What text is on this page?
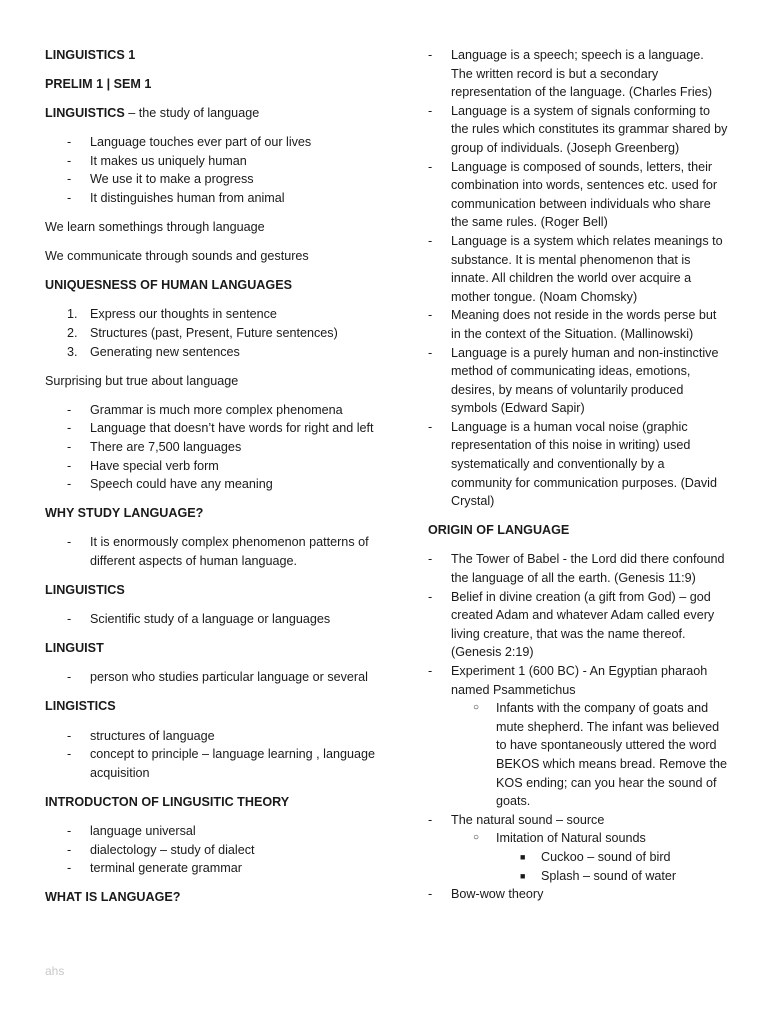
LINGUISTICS 1

PRELIM 1 | SEM 1

LINGUISTICS – the study of language

- Language touches ever part of our lives
- It makes us uniquely human
- We use it to make a progress
- It distinguishes human from animal

We learn somethings through language

We communicate through sounds and gestures

UNIQUESNESS OF HUMAN LANGUAGES

1. Express our thoughts in sentence
2. Structures (past, Present, Future sentences)
3. Generating new sentences

Surprising but true about language

- Grammar is much more complex phenomena
- Language that doesn’t have words for right and left
- There are 7,500 languages
- Have special verb form
- Speech could have any meaning

WHY STUDY LANGUAGE?

- It is enormously complex phenomenon patterns of different aspects of human language.

LINGUISTICS

- Scientific study of a language or languages

LINGUIST

- person who studies particular language or several

LINGISTICS

- structures of language
- concept to principle – language learning , language acquisition

INTRODUCTON OF LINGUSITIC THEORY

- language universal
- dialectology – study of dialect
- terminal generate grammar

WHAT IS LANGUAGE?

- Language is a speech; speech is a language. The written record is but a secondary representation of the language. (Charles Fries)
- Language is a system of signals conforming to the rules which constitutes its grammar shared by group of individuals. (Joseph Greenberg)
- Language is composed of sounds, letters, their combination into words, sentences etc. used for communication between individuals who share the same rules. (Roger Bell)
- Language is a system which relates meanings to substance. It is mental phenomenon that is innate. All children the world over acquire a mother tongue. (Noam Chomsky)
- Meaning does not reside in the words perse but in the context of the Situation. (Mallinowski)
- Language is a purely human and non-instinctive method of communicating ideas, emotions, desires, by means of voluntarily produced symbols (Edward Sapir)
- Language is a human vocal noise (graphic representation of this noise in writing) used systematically and conventionally by a community for communication purposes. (David Crystal)

ORIGIN OF LANGUAGE

- The Tower of Babel - the Lord did there confound the language of all the earth. (Genesis 11:9)
- Belief in divine creation (a gift from God) – god created Adam and whatever Adam called every living creature, that was the name thereof. (Genesis 2:19)
- Experiment 1 (600 BC) - An Egyptian pharaoh named Psammetichus
○ Infants with the company of goats and mute shepherd. The infant was believed to have spontaneously uttered the word BEKOS which means bread. Remove the KOS ending; can you hear the sound of goats.
- The natural sound – source
○ Imitation of Natural sounds
■ Cuckoo – sound of bird
■ Splash – sound of water
- Bow-wow theory
ahs
